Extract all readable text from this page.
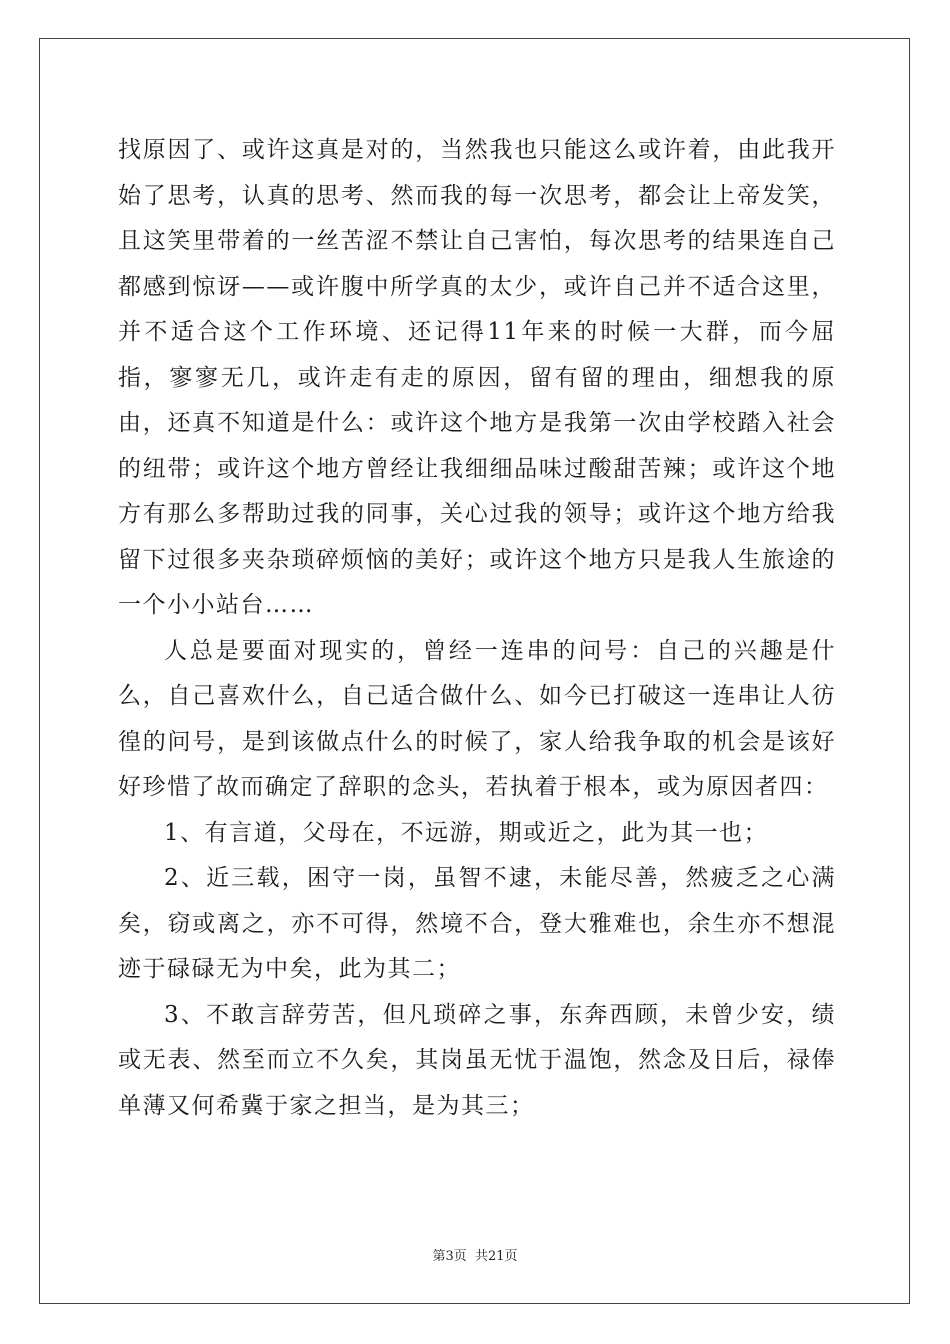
找原因了、或许这真是对的，当然我也只能这么或许着，由此我开始了思考，认真的思考、然而我的每一次思考，都会让上帝发笑，且这笑里带着的一丝苦涩不禁让自己害怕，每次思考的结果连自己都感到惊讶——或许腹中所学真的太少，或许自己并不适合这里，并不适合这个工作环境、还记得11年来的时候一大群，而今屈指，寥寥无几，或许走有走的原因，留有留的理由，细想我的原由，还真不知道是什么：或许这个地方是我第一次由学校踏入社会的纽带；或许这个地方曾经让我细细品味过酸甜苦辣；或许这个地方有那么多帮助过我的同事，关心过我的领导；或许这个地方给我留下过很多夹杂琐碎烦恼的美好；或许这个地方只是我人生旅途的一个小小站台……

人总是要面对现实的，曾经一连串的问号：自己的兴趣是什么，自己喜欢什么，自己适合做什么、如今已打破这一连串让人彷徨的问号，是到该做点什么的时候了，家人给我争取的机会是该好好珍惜了故而确定了辞职的念头，若执着于根本，或为原因者四：

1、有言道，父母在，不远游，期或近之，此为其一也；

2、近三载，困守一岗，虽智不逮，未能尽善，然疲乏之心满矣，窃或离之，亦不可得，然境不合，登大雅难也，余生亦不想混迹于碌碌无为中矣，此为其二；

3、不敢言辞劳苦，但凡琐碎之事，东奔西顾，未曾少安，绩或无表、然至而立不久矣，其岗虽无忧于温饱，然念及日后，禄俸单薄又何希冀于家之担当，是为其三；

第3页  共21页
